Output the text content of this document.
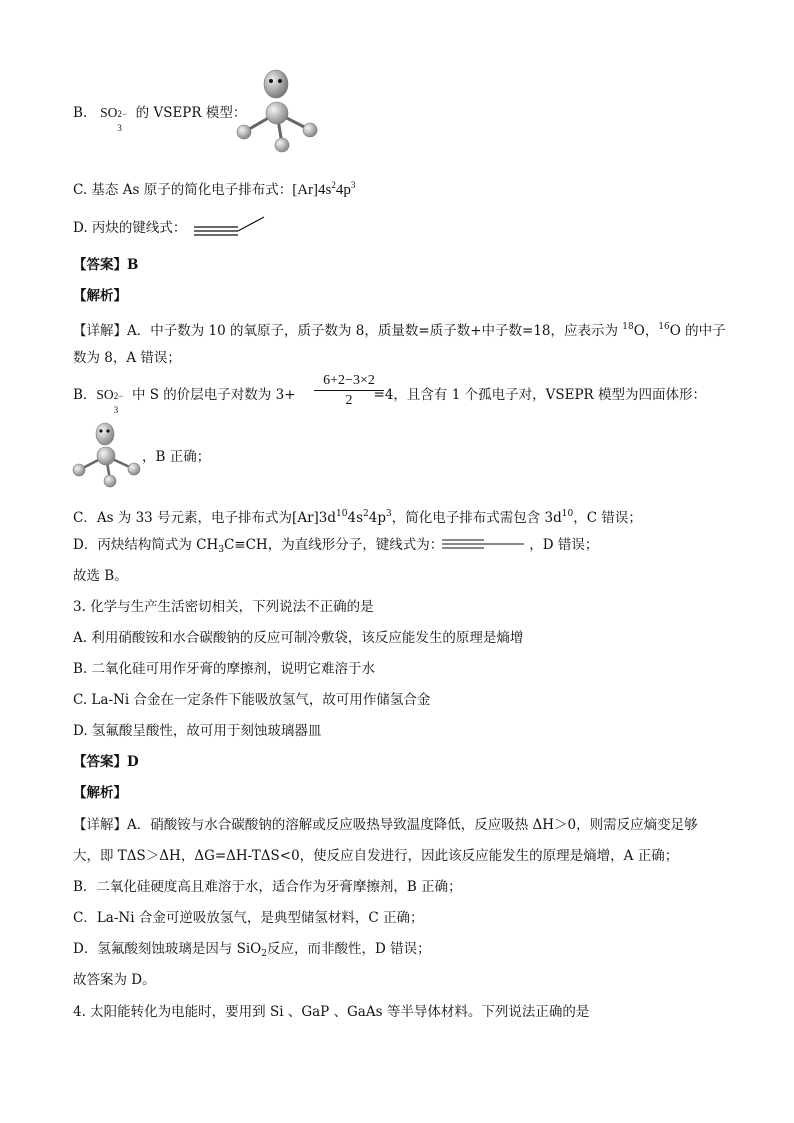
B. SO 2−
3
的 VSEPR 模型：
C. 基态 As 原子的简化电子排布式：$[Ar]4s^24p^3$
D. 丙炔的键线式：
【答案】B
【解析】
【详解】A．中子数为 10 的氧原子，质子数为 8，质量数=质子数+中子数=18，应表示为 $^{18}$O，$^{16}$O 的中子
数为 8，A 错误；
B．SO 2−
3
中 S 的价层电子对数为 3+	=4，且含有 1 个孤电子对，VSEPR 模型为四面体形：
6+2−3×2
2
，B 正确；
C．As 为 33 号元素，电子排布式为$[Ar]3d^{10}4s^24p^3$，简化电子排布式需包含 $3d^{10}$，C 错误；
D．丙炔结构简式为 $CH_3C\equiv CH$，为直线形分子，键线式为：	，D 错误；
故选 B。
3. 化学与生产生活密切相关，下列说法不正确的是
A. 利用硝酸铵和水合碳酸钠的反应可制冷敷袋，该反应能发生的原理是熵增
B. 二氧化硅可用作牙膏的摩擦剂，说明它难溶于水
C. La-Ni 合金在一定条件下能吸放氢气，故可用作储氢合金
D. 氢氟酸呈酸性，故可用于刻蚀玻璃器皿
【答案】D
【解析】
【详解】A．硝酸铵与水合碳酸钠的溶解或反应吸热导致温度降低，反应吸热 ΔH＞0，则需反应熵变足够
大，即 TΔS＞ΔH，ΔG=ΔH-TΔS<0，使反应自发进行，因此该反应能发生的原理是熵增，A 正确；
B．二氧化硅硬度高且难溶于水，适合作为牙膏摩擦剂，B 正确；
C．La-Ni 合金可逆吸放氢气，是典型储氢材料，C 正确；
D．氢氟酸刻蚀玻璃是因与 SiO$_2$反应，而非酸性，D 错误；
故答案为 D。
4. 太阳能转化为电能时，要用到 Si 、GaP 、GaAs 等半导体材料。下列说法正确的是
